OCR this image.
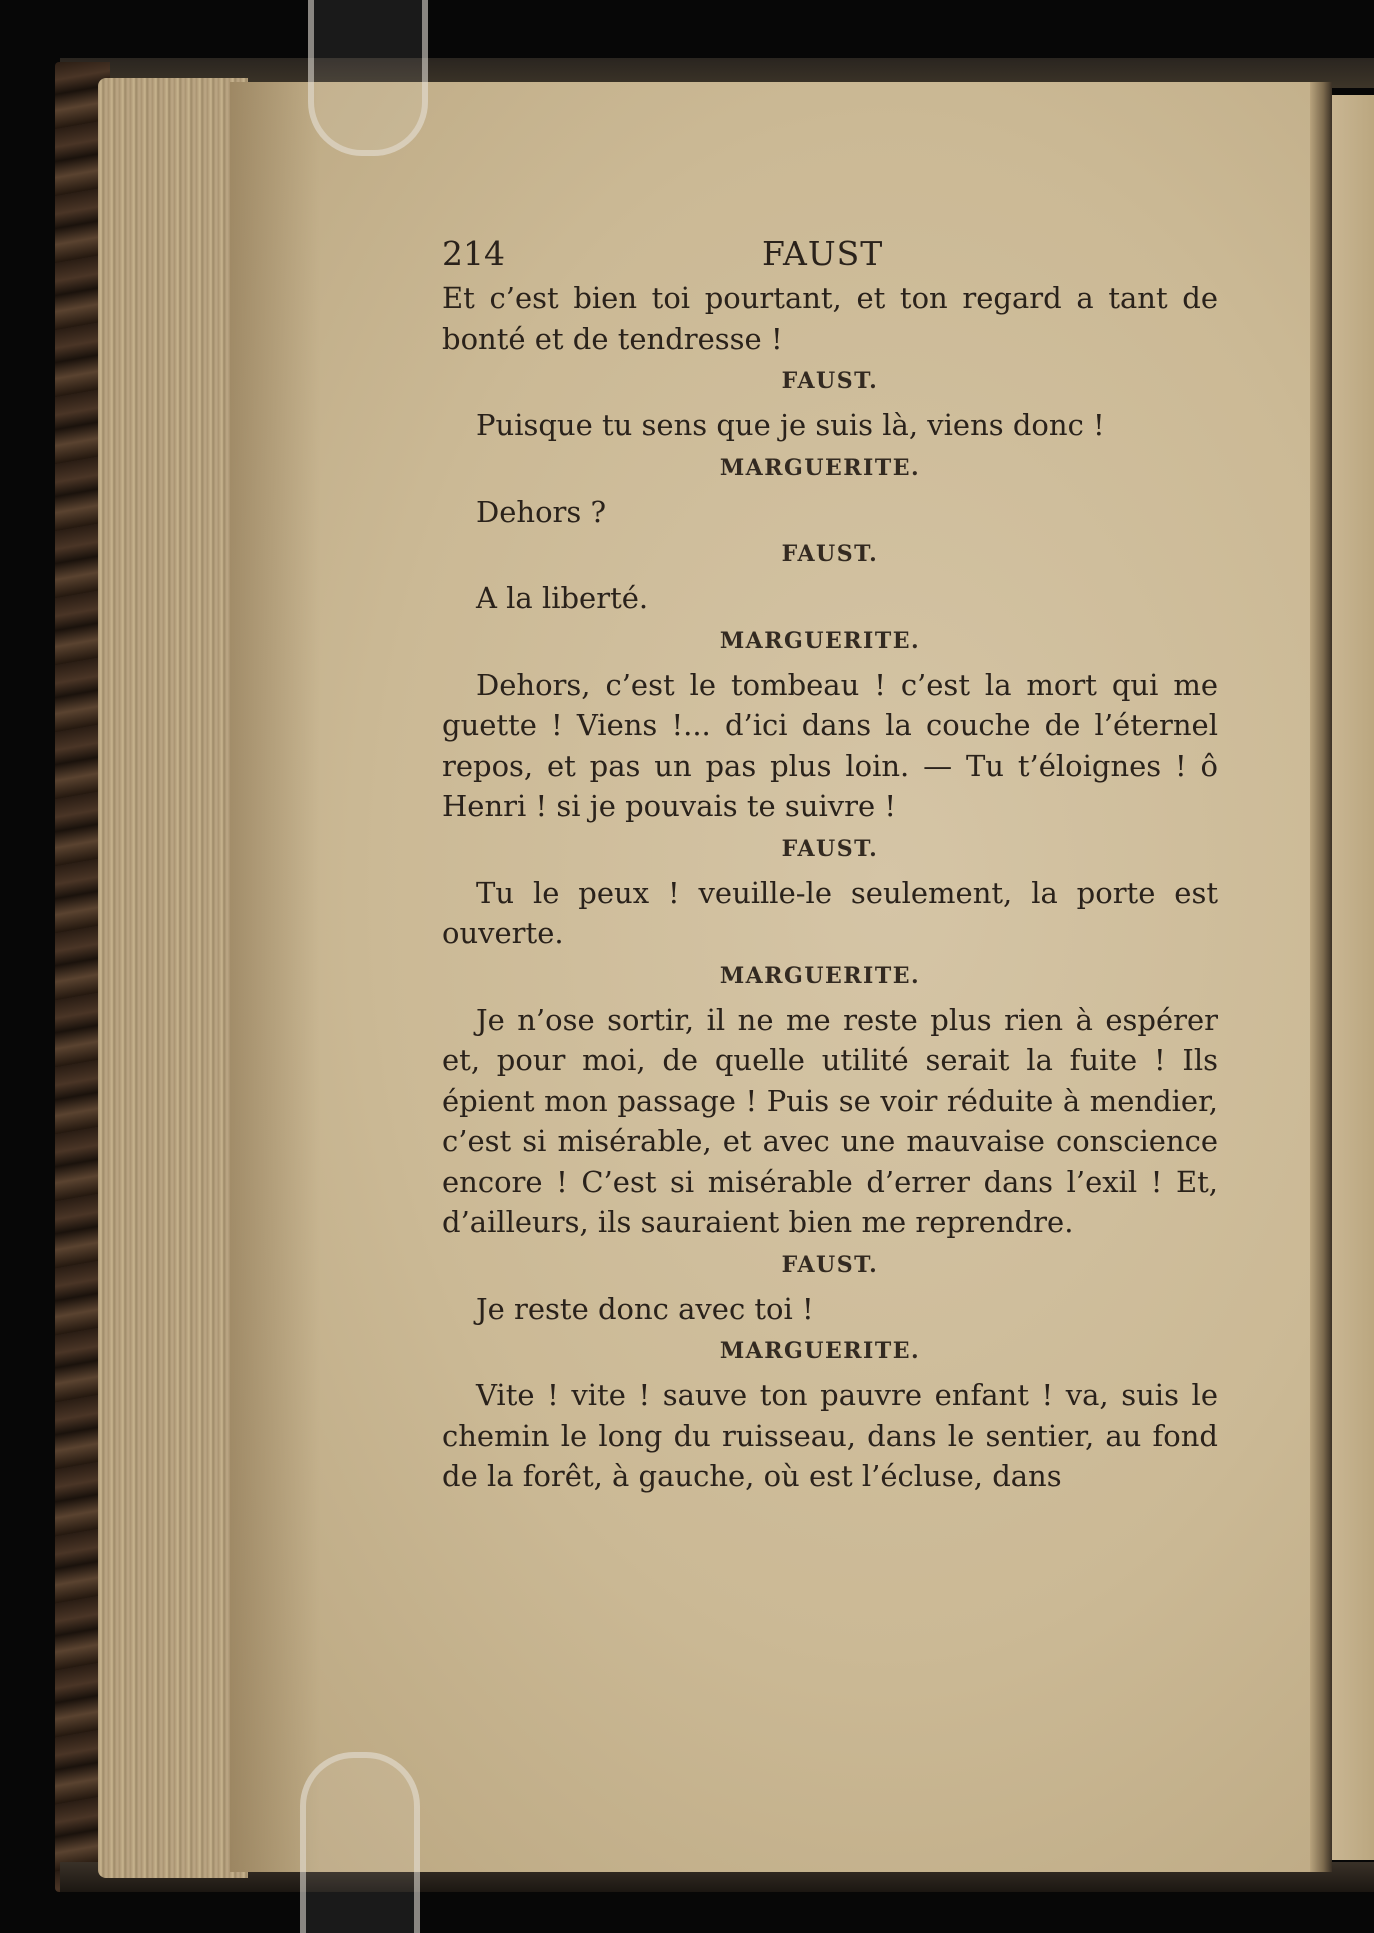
214	FAUST

Et c’est bien toi pourtant, et ton regard a tant de bonté et de tendresse !

FAUST.

Puisque tu sens que je suis là, viens donc !

MARGUERITE.

Dehors ?

FAUST.

A la liberté.

MARGUERITE.

Dehors, c’est le tombeau ! c’est la mort qui me guette ! Viens !... d’ici dans la couche de l’éternel repos, et pas un pas plus loin. — Tu t’éloignes ! ô Henri ! si je pouvais te suivre !

FAUST.

Tu le peux ! veuille-le seulement, la porte est ouverte.

MARGUERITE.

Je n’ose sortir, il ne me reste plus rien à espérer et, pour moi, de quelle utilité serait la fuite ! Ils épient mon passage ! Puis se voir réduite à mendier, c’est si misérable, et avec une mauvaise conscience encore ! C’est si misérable d’errer dans l’exil ! Et, d’ailleurs, ils sauraient bien me reprendre.

FAUST.

Je reste donc avec toi !

MARGUERITE.

Vite ! vite ! sauve ton pauvre enfant ! va, suis le chemin le long du ruisseau, dans le sentier, au fond de la forêt, à gauche, où est l’écluse, dans
